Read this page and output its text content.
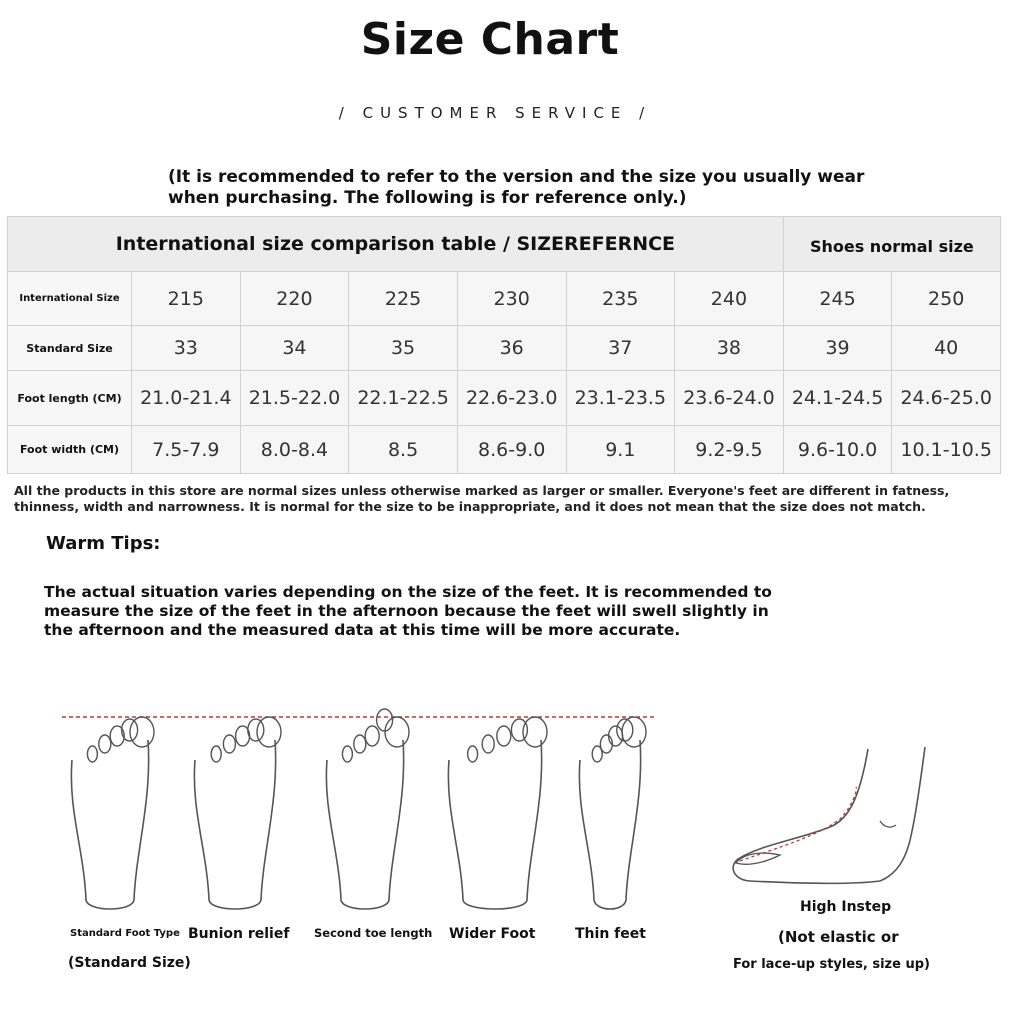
Size Chart
/ CUSTOMER SERVICE /
(It is recommended to refer to the version and the size you usually wear when purchasing. The following is for reference only.)
International size comparison table / SIZEREFERNCE							Shoes normal size	
International Size	215	220	225	230	235	240	245	250
Standard Size	33	34	35	36	37	38	39	40
Foot length (CM)	21.0-21.4	21.5-22.0	22.1-22.5	22.6-23.0	23.1-23.5	23.6-24.0	24.1-24.5	24.6-25.0
Foot width (CM)	7.5-7.9	8.0-8.4	8.5	8.6-9.0	9.1	9.2-9.5	9.6-10.0	10.1-10.5
All the products in this store are normal sizes unless otherwise marked as larger or smaller. Everyone's feet are different in fatness, thinness, width and narrowness. It is normal for the size to be inappropriate, and it does not mean that the size does not match.
Warm Tips:
The actual situation varies depending on the size of the feet. It is recommended to measure the size of the feet in the afternoon because the feet will swell slightly in the afternoon and the measured data at this time will be more accurate.
Standard Foot Type
(Standard Size)
Bunion relief Second toe length Wider Foot	Thin feet
High Instep
(Not elastic or
For lace-up styles, size up)
